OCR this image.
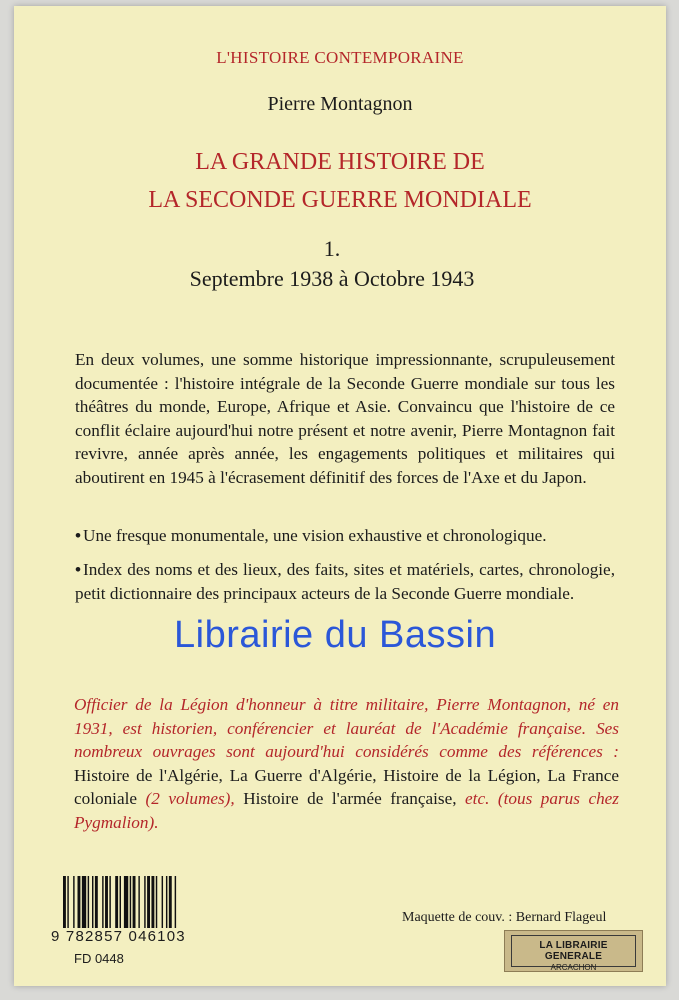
L'HISTOIRE CONTEMPORAINE
Pierre Montagnon
LA GRANDE HISTOIRE DE
LA SECONDE GUERRE MONDIALE
1.
Septembre 1938 à Octobre 1943
En deux volumes, une somme historique impressionnante, scrupuleusement documentée : l'histoire intégrale de la Seconde Guerre mondiale sur tous les théâtres du monde, Europe, Afrique et Asie. Convaincu que l'histoire de ce conflit éclaire aujourd'hui notre présent et notre avenir, Pierre Montagnon fait revivre, année après année, les engagements politiques et militaires qui aboutirent en 1945 à l'écrasement définitif des forces de l'Axe et du Japon.
• Une fresque monumentale, une vision exhaustive et chronologique.
• Index des noms et des lieux, des faits, sites et matériels, cartes, chronologie, petit dictionnaire des principaux acteurs de la Seconde Guerre mondiale.
Librairie du Bassin
Officier de la Légion d'honneur à titre militaire, Pierre Montagnon, né en 1931, est historien, conférencier et lauréat de l'Académie française. Ses nombreux ouvrages sont aujourd'hui considérés comme des références : Histoire de l'Algérie, La Guerre d'Algérie, Histoire de la Légion, La France coloniale (2 volumes), Histoire de l'armée française, etc. (tous parus chez Pygmalion).
9 782857 046103
FD 0448
Maquette de couv. : Bernard Flageul
LA LIBRAIRIE GENERALE
ARCACHON
